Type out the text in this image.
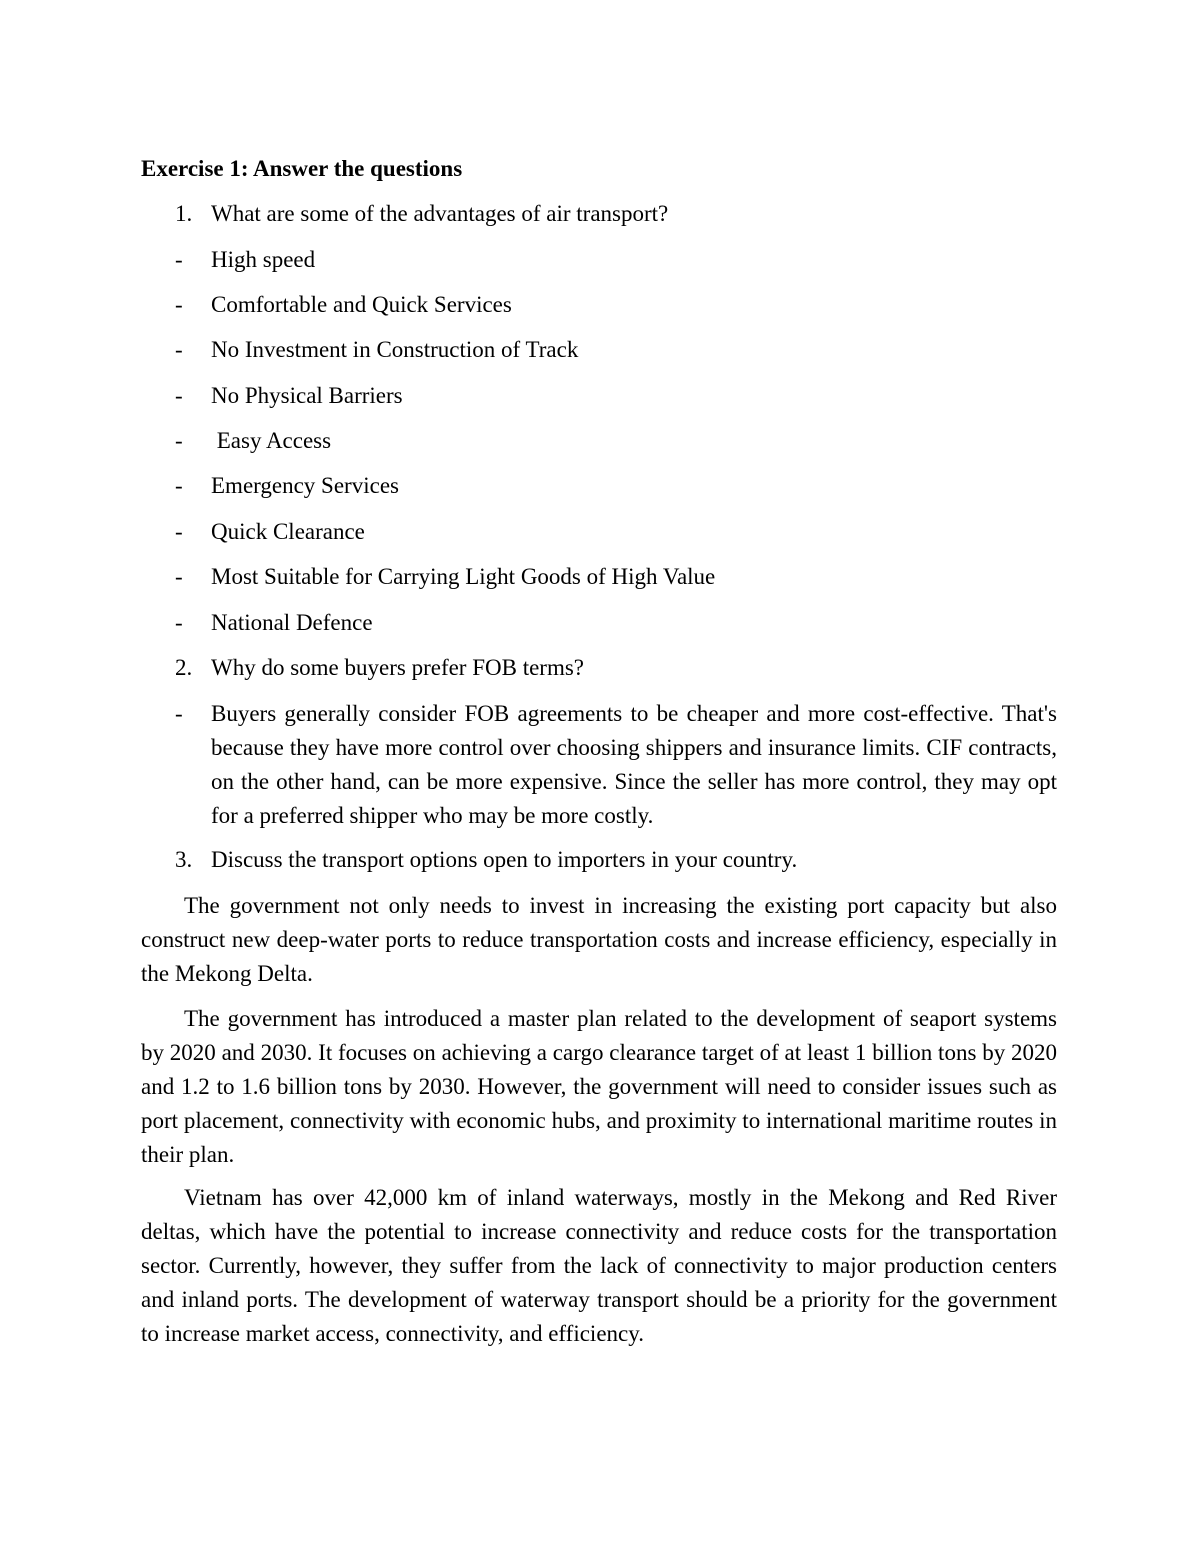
Exercise 1: Answer the questions
1. What are some of the advantages of air transport?
-	High speed
-	Comfortable and Quick Services
-	No Investment in Construction of Track
-	No Physical Barriers
-	Easy Access
-	Emergency Services
-	Quick Clearance
-	Most Suitable for Carrying Light Goods of High Value
-	National Defence
2. Why do some buyers prefer FOB terms?
-	Buyers generally consider FOB agreements to be cheaper and more cost-effective. That's because they have more control over choosing shippers and insurance limits. CIF contracts, on the other hand, can be more expensive. Since the seller has more control, they may opt for a preferred shipper who may be more costly.
3. Discuss the transport options open to importers in your country.
The government not only needs to invest in increasing the existing port capacity but also construct new deep-water ports to reduce transportation costs and increase efficiency, especially in the Mekong Delta.
The government has introduced a master plan related to the development of seaport systems by 2020 and 2030. It focuses on achieving a cargo clearance target of at least 1 billion tons by 2020 and 1.2 to 1.6 billion tons by 2030. However, the government will need to consider issues such as port placement, connectivity with economic hubs, and proximity to international maritime routes in their plan.
Vietnam has over 42,000 km of inland waterways, mostly in the Mekong and Red River deltas, which have the potential to increase connectivity and reduce costs for the transportation sector. Currently, however, they suffer from the lack of connectivity to major production centers and inland ports. The development of waterway transport should be a priority for the government to increase market access, connectivity, and efficiency.
